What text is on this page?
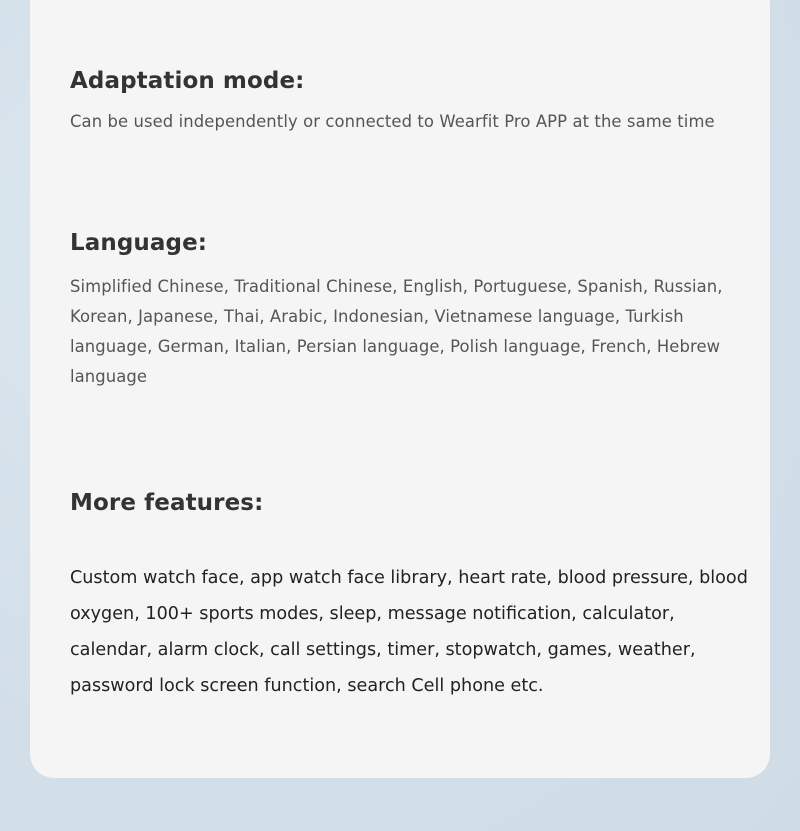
Adaptation mode:

Can be used independently or connected to Wearfit Pro APP at the same time

Language:

Simplified Chinese, Traditional Chinese, English, Portuguese, Spanish, Russian, Korean, Japanese, Thai, Arabic, Indonesian, Vietnamese language, Turkish language, German, Italian, Persian language, Polish language, French, Hebrew language

More features:

Custom watch face, app watch face library, heart rate, blood pressure, blood oxygen, 100+ sports modes, sleep, message notification, calculator, calendar, alarm clock, call settings, timer, stopwatch, games, weather, password lock screen function, search Cell phone etc.
